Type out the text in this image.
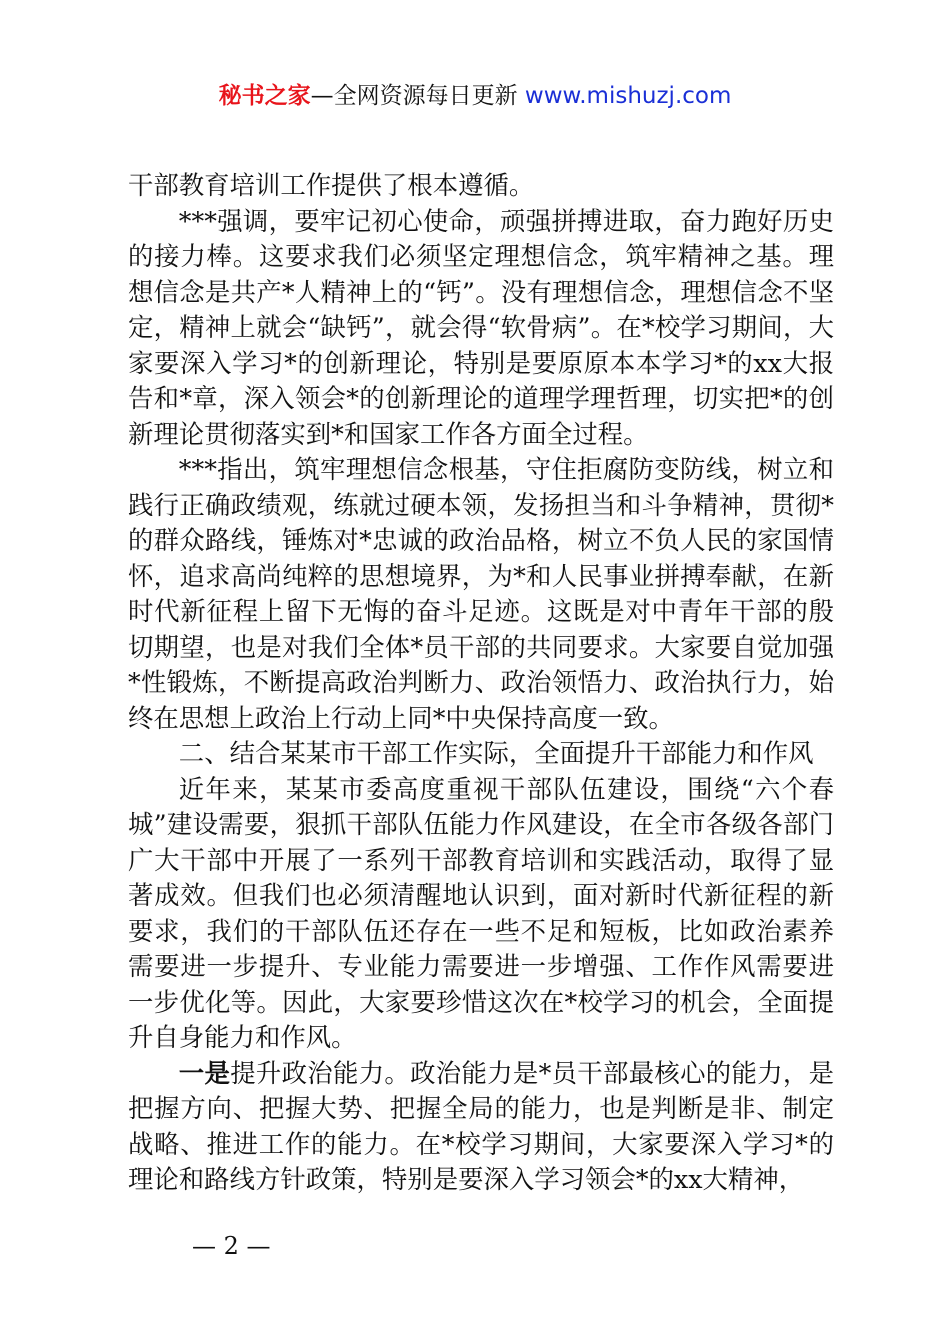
秘书之家—全网资源每日更新 www.mishuzj.com

干部教育培训工作提供了根本遵循。

***强调，要牢记初心使命，顽强拼搏进取，奋力跑好历史的接力棒。这要求我们必须坚定理想信念，筑牢精神之基。理想信念是共产*人精神上的“钙”。没有理想信念，理想信念不坚定，精神上就会“缺钙”，就会得“软骨病”。在*校学习期间，大家要深入学习*的创新理论，特别是要原原本本学习*的xx大报告和*章，深入领会*的创新理论的道理学理哲理，切实把*的创新理论贯彻落实到*和国家工作各方面全过程。

***指出，筑牢理想信念根基，守住拒腐防变防线，树立和践行正确政绩观，练就过硬本领，发扬担当和斗争精神，贯彻*的群众路线，锤炼对*忠诚的政治品格，树立不负人民的家国情怀，追求高尚纯粹的思想境界，为*和人民事业拼搏奉献，在新时代新征程上留下无悔的奋斗足迹。这既是对中青年干部的殷切期望，也是对我们全体*员干部的共同要求。大家要自觉加强*性锻炼，不断提高政治判断力、政治领悟力、政治执行力，始终在思想上政治上行动上同*中央保持高度一致。

二、结合某某市干部工作实际，全面提升干部能力和作风

近年来，某某市委高度重视干部队伍建设，围绕“六个春城”建设需要，狠抓干部队伍能力作风建设，在全市各级各部门广大干部中开展了一系列干部教育培训和实践活动，取得了显著成效。但我们也必须清醒地认识到，面对新时代新征程的新要求，我们的干部队伍还存在一些不足和短板，比如政治素养需要进一步提升、专业能力需要进一步增强、工作作风需要进一步优化等。因此，大家要珍惜这次在*校学习的机会，全面提升自身能力和作风。

一是提升政治能力。政治能力是*员干部最核心的能力，是把握方向、把握大势、把握全局的能力，也是判断是非、制定战略、推进工作的能力。在*校学习期间，大家要深入学习*的理论和路线方针政策，特别是要深入学习领会*的xx大精神，

— 2 —
